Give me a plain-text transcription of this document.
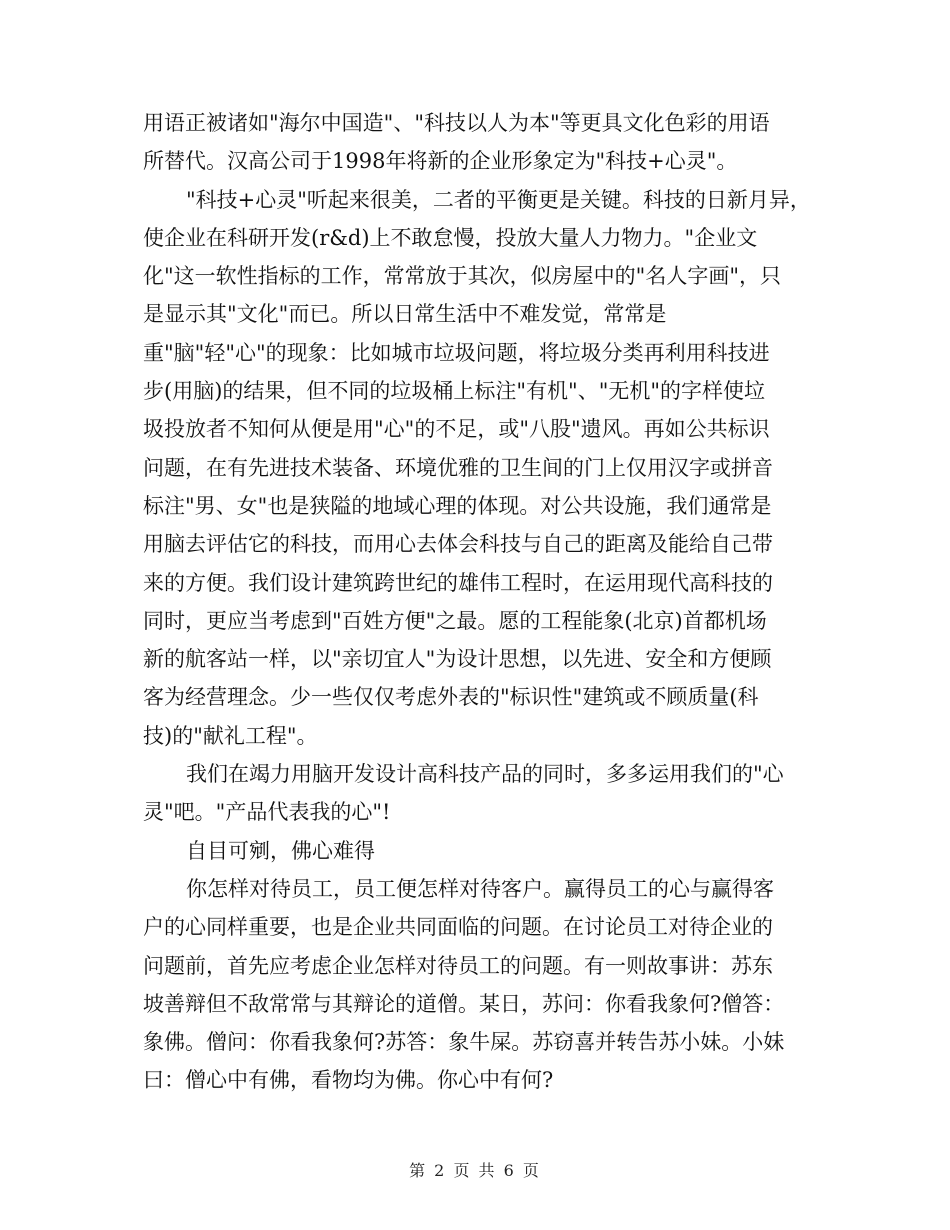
用语正被诸如"海尔中国造"、"科技以人为本"等更具文化色彩的用语
所替代。汉高公司于1998年将新的企业形象定为"科技+心灵"。
"科技+心灵"听起来很美，二者的平衡更是关键。科技的日新月异，
使企业在科研开发(r&d)上不敢怠慢，投放大量人力物力。"企业文
化"这一软性指标的工作，常常放于其次，似房屋中的"名人字画"，只
是显示其"文化"而已。所以日常生活中不难发觉，常常是
重"脑"轻"心"的现象：比如城市垃圾问题，将垃圾分类再利用科技进
步(用脑)的结果，但不同的垃圾桶上标注"有机"、"无机"的字样使垃
圾投放者不知何从便是用"心"的不足，或"八股"遗风。再如公共标识
问题，在有先进技术装备、环境优雅的卫生间的门上仅用汉字或拼音
标注"男、女"也是狭隘的地域心理的体现。对公共设施，我们通常是
用脑去评估它的科技，而用心去体会科技与自己的距离及能给自己带
来的方便。我们设计建筑跨世纪的雄伟工程时，在运用现代高科技的
同时，更应当考虑到"百姓方便"之最。愿的工程能象(北京)首都机场
新的航客站一样，以"亲切宜人"为设计思想，以先进、安全和方便顾
客为经营理念。少一些仅仅考虑外表的"标识性"建筑或不顾质量(科
技)的"献礼工程"。
我们在竭力用脑开发设计高科技产品的同时，多多运用我们的"心
灵"吧。"产品代表我的心"!
自目可剜，佛心难得
你怎样对待员工，员工便怎样对待客户。赢得员工的心与赢得客
户的心同样重要，也是企业共同面临的问题。在讨论员工对待企业的
问题前，首先应考虑企业怎样对待员工的问题。有一则故事讲：苏东
坡善辩但不敌常常与其辩论的道僧。某日，苏问：你看我象何?僧答：
象佛。僧问：你看我象何?苏答：象牛屎。苏窃喜并转告苏小妹。小妹
曰：僧心中有佛，看物均为佛。你心中有何?
第 2 页 共 6 页
